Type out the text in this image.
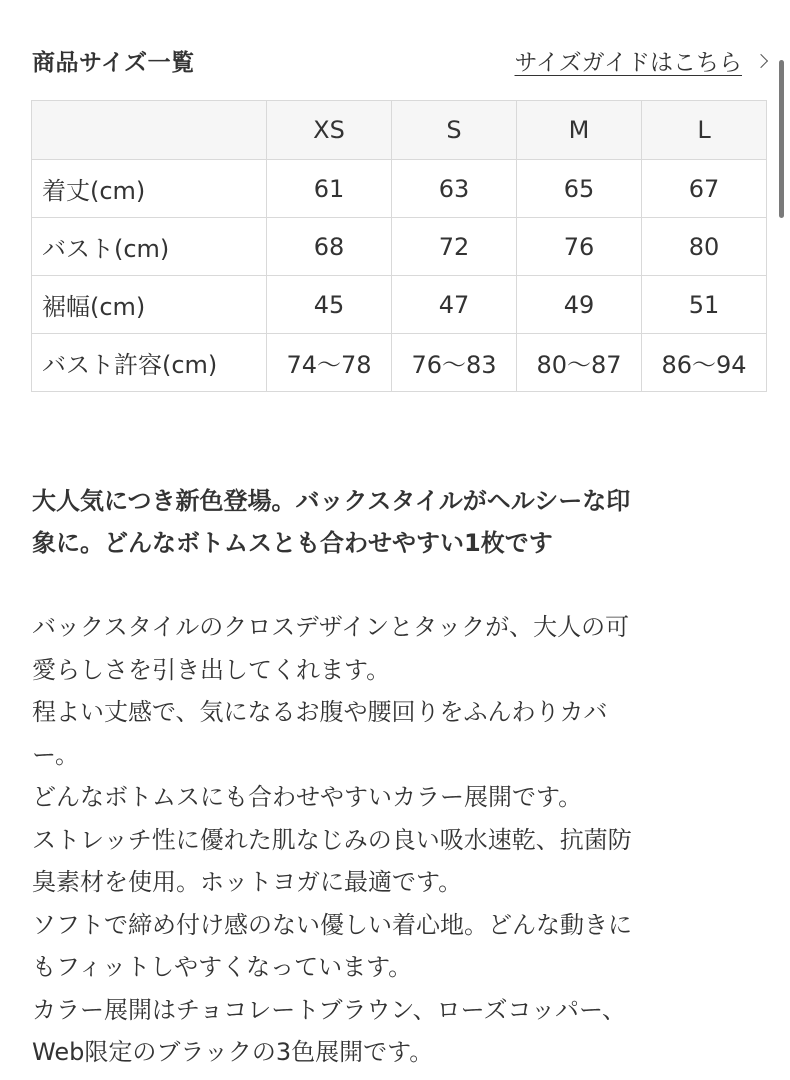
商品サイズ一覧	サイズガイドはこちら
	XS	S	M	L
着丈(cm)	61	63	65	67
バスト(cm)	68	72	76	80
裾幅(cm)	45	47	49	51
バスト許容(cm)	74〜78	76〜83	80〜87	86〜94
大人気につき新色登場。バックスタイルがヘルシーな印
象に。どんなボトムスとも合わせやすい1枚です
バックスタイルのクロスデザインとタックが、大人の可
愛らしさを引き出してくれます。
程よい丈感で、気になるお腹や腰回りをふんわりカバ
ー。
どんなボトムスにも合わせやすいカラー展開です。
ストレッチ性に優れた肌なじみの良い吸水速乾、抗菌防
臭素材を使用。ホットヨガに最適です。
ソフトで締め付け感のない優しい着心地。どんな動きに
もフィットしやすくなっています。
カラー展開はチョコレートブラウン、ローズコッパー、
Web限定のブラックの3色展開です。
